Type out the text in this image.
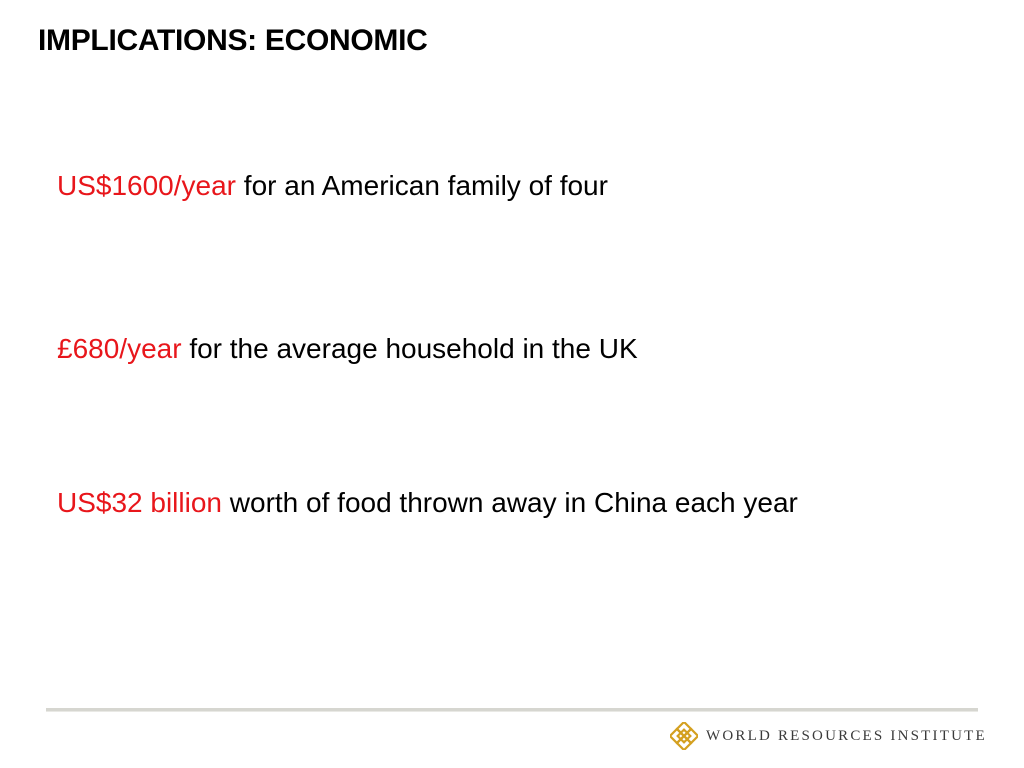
IMPLICATIONS: ECONOMIC
US$1600/year for an American family of four
£680/year for the average household in the UK
US$32 billion worth of food thrown away in China each year
WORLD RESOURCES INSTITUTE
